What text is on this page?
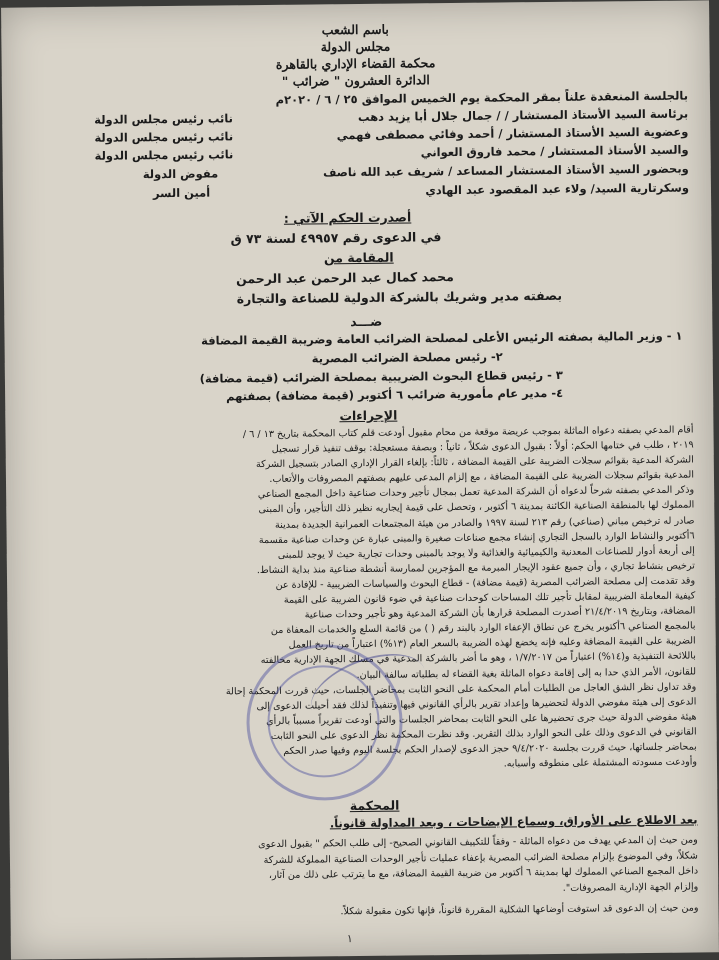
باسم الشعب
مجلس الدولة
محكمة القضاء الإداري بالقاهرة
الدائرة العشرون " ضرائب "
بالجلسة المنعقدة علناً بمقر المحكمة يوم الخميس الموافق ٢٥ / ٦ / ٢٠٢٠م
برئاسة السيد الأستاذ المستشار / / جمال جلال أبا يزيد دهب
نائب رئيس مجلس الدولة
وعضوية السيد الأستاذ المستشار / أحمد وفائي مصطفى فهمي
نائب رئيس مجلس الدولة
والسيد الأستاذ المستشار / محمد فاروق العواني
نائب رئيس مجلس الدولة
وبحضور السيد الأستاذ المستشار المساعد / شريف عبد الله ناصف
مفوض الدولة
وسكرتارية السيد/ ولاء عبد المقصود عبد الهادي
أمين السر
أصدرت الحكم الآتي :
في الدعوى رقم ٤٩٩٥٧ لسنة ٧٣ ق
المقامة من
محمد كمال عبد الرحمن عبد الرحمن
بصفته مدير وشريك بالشركة الدولية للصناعة والتجارة
ضـــد
١ - وزير المالية بصفته الرئيس الأعلى لمصلحة الضرائب العامة وضريبة القيمة المضافة
٢- رئيس مصلحة الضرائب المصرية
٣ - رئيس قطاع البحوث الضريبية بمصلحة الضرائب (قيمة مضافة)
٤- مدير عام مأمورية ضرائب ٦ أكتوبر (قيمة مضافة) بصفتهم
الإجراءات

أقام المدعي بصفته دعواه الماثلة بموجب عريضة موقعة من محام مقبول أودعت قلم كتاب المحكمة بتاريخ ١٣ / ٦ /

٢٠١٩ ، طلب في ختامها الحكم: أولاً : بقبول الدعوى شكلاً ، ثانياً : وبصفة مستعجلة: بوقف تنفيذ قرار تسجيل

الشركة المدعية بقوائم سجلات الضريبة على القيمة المضافة ، ثالثاً: بإلغاء القرار الإداري الصادر بتسجيل الشركة

المدعية بقوائم سجلات الضريبة على القيمة المضافة ، مع إلزام المدعى عليهم بصفتهم المصروفات والأتعاب.

وذكر المدعي بصفته شرحاً لدعواه أن الشركة المدعية تعمل بمجال تأجير وحدات صناعية داخل المجمع الصناعي

المملوك لها بالمنطقة الصناعية الكائنة بمدينة ٦ أكتوبر ، وتحصل على قيمة إيجاريه نظير ذلك التأجير، وأن المبنى

صادر له ترخيص مباني (صناعي) رقم ٢١٣ لسنة ١٩٩٧ والصادر من هيئة المجتمعات العمرانية الجديدة بمدينة

٦أكتوبر والنشاط الوارد بالسجل التجاري إنشاء مجمع صناعات صغيرة والمبنى عبارة عن وحدات صناعية مقسمة

إلى أربعة أدوار للصناعات المعدنية والكيميائية والغذائية ولا يوجد بالمبنى وحدات تجارية حيث لا يوجد للمبنى

ترخيص بنشاط تجاري ، وأن جميع عقود الإيجار المبرمة مع المؤجرين لممارسة أنشطة صناعية منذ بداية النشاط.

وقد تقدمت إلى مصلحة الضرائب المصرية (قيمة مضافة) - قطاع البحوث والسياسات الضريبية - للإفادة عن

كيفية المعاملة الضريبية لمقابل تأجير تلك المساحات كوحدات صناعية في ضوء قانون الضريبة على القيمة

المضافة، وبتاريخ ٢١/٤/٢٠١٩ أصدرت المصلحة قرارها بأن الشركة المدعية وهو تأجير وحدات صناعية

بالمجمع الصناعي ٦أكتوبر يخرج عن نطاق الإعفاء الوارد بالبند رقم ( ) من قائمة السلع والخدمات المعفاة من

الضريبة على القيمة المضافة وعليه فإنه يخضع لهذه الضريبة بالسعر العام (١٣%) اعتباراً من تاريخ العمل

باللائحة التنفيذية و(١٤%) اعتباراً من ١/٧/٢٠١٧ ، وهو ما أضر بالشركة المدعية في مسلك الجهة الإدارية مخالفته

للقانون، الأمر الذي حدا به إلى إقامة دعواه الماثلة بغية القضاء له بطلباته سالفة البيان.

وقد تداول نظر الشق العاجل من الطلبات أمام المحكمة على النحو الثابت بمحاضر الجلسات، حيث قررت المحكمة إحالة

الدعوى إلى هيئة مفوضي الدولة لتحضيرها وإعداد تقرير بالرأي القانوني فيها وتنفيذاً لذلك فقد أحيلت الدعوى إلى

هيئة مفوضي الدولة حيث جرى تحضيرها على النحو الثابت بمحاضر الجلسات والتي أودعت تقريراً مسبباً بالرأي

القانوني في الدعوى وذلك على النحو الوارد بذلك التقرير. وقد نظرت المحكمة نظر الدعوى على النحو الثابت

بمحاضر جلساتها، حيث قررت بجلسة ٩/٤/٢٠٢٠ حجز الدعوى لإصدار الحكم بجلسة اليوم وفيها صدر الحكم

وأودعت مسودته المشتملة على منطوقه وأسبابه.

المحكمة
بعد الاطلاع على الأوراق، وسماع الإيضاحات ، وبعد المداولة قانوناً.

ومن حيث إن المدعي يهدف من دعواه الماثلة - وفقاً للتكييف القانوني الصحيح- إلى طلب الحكم " بقبول الدعوى

شكلاً، وفي الموضوع بإلزام مصلحة الضرائب المصرية بإعفاء عمليات تأجير الوحدات الصناعية المملوكة للشركة

داخل المجمع الصناعي المملوك لها بمدينة ٦ أكتوبر من ضريبة القيمة المضافة، مع ما يترتب على ذلك من آثار،

وإلزام الجهة الإدارية المصروفات".

ومن حيث إن الدعوى قد استوفت أوضاعها الشكلية المقررة قانوناً، فإنها تكون مقبولة شكلاً.

١
